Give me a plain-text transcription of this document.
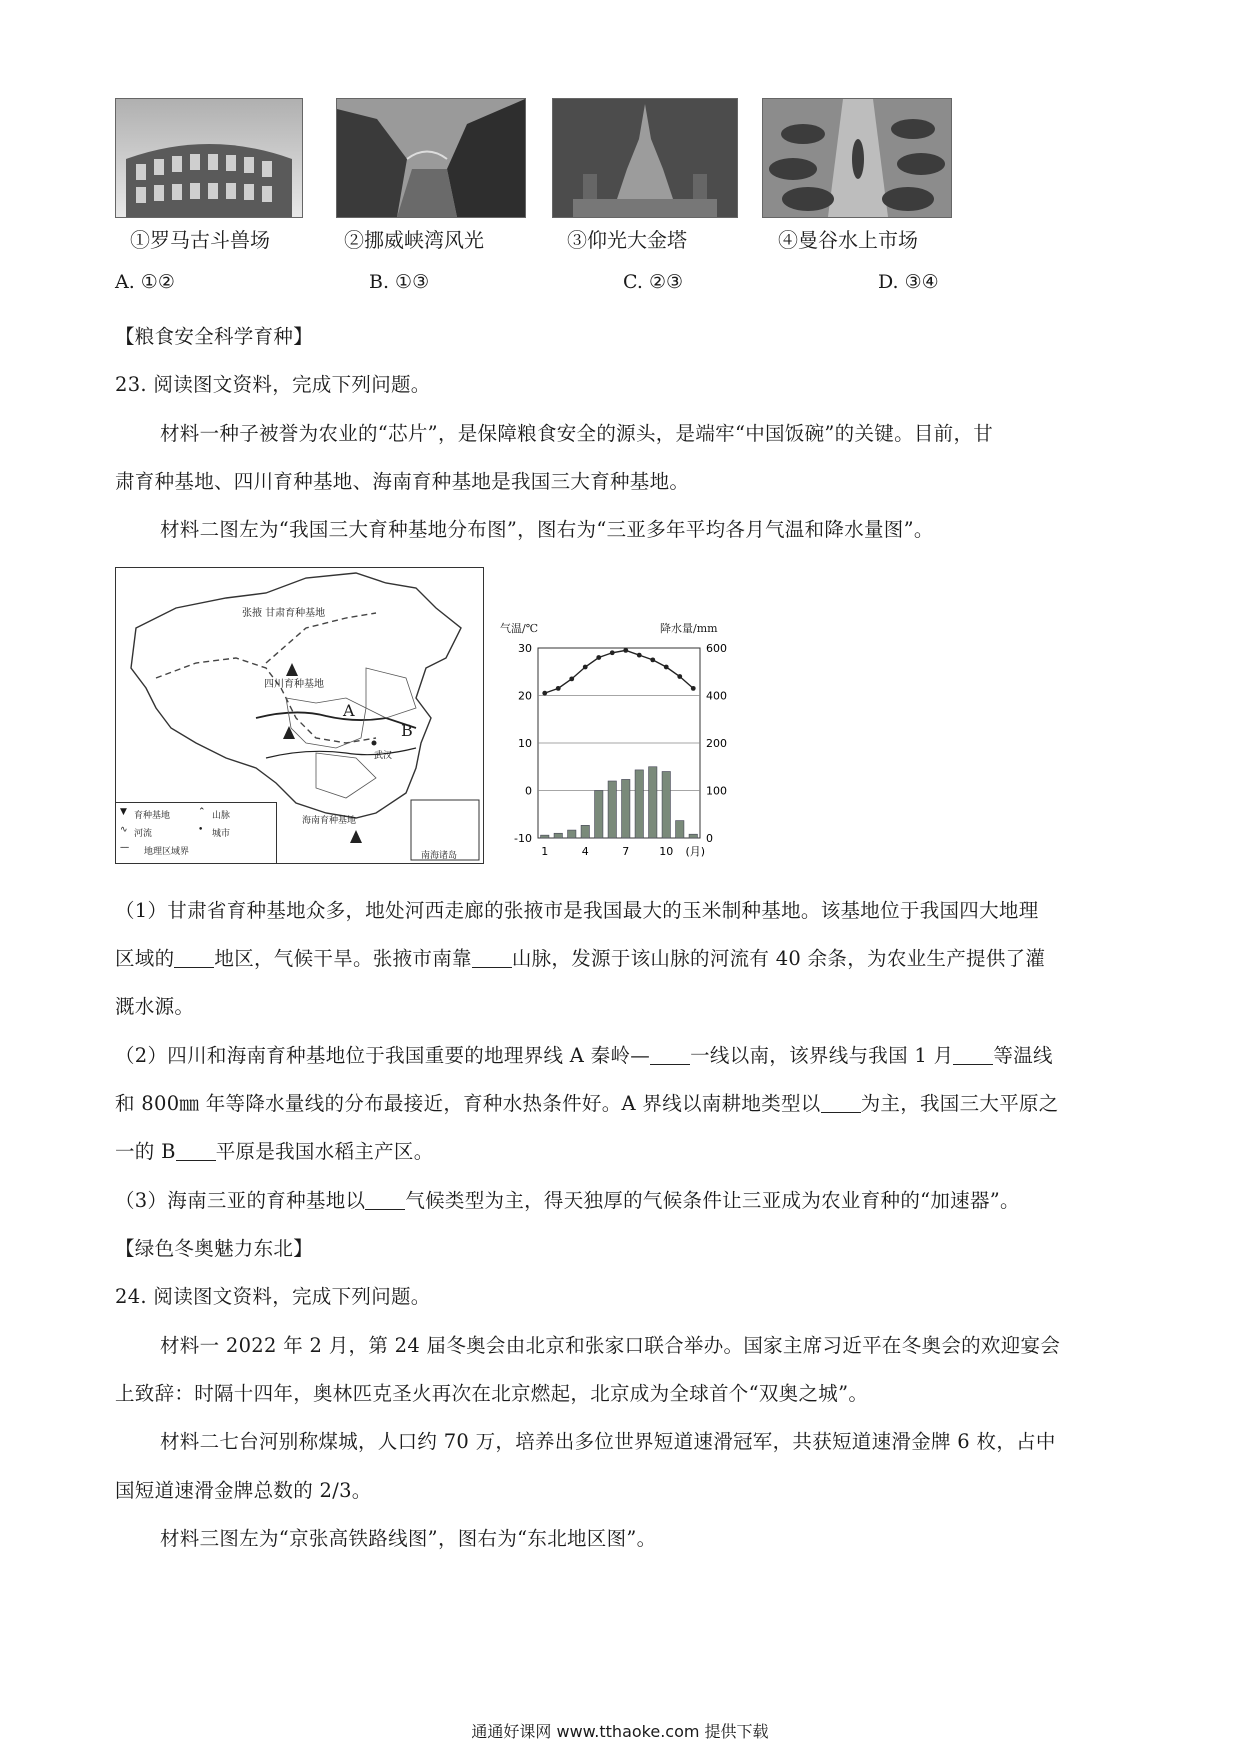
①罗马古斗兽场	②挪威峡湾风光	③仰光大金塔	④曼谷水上市场
A. ①②	B. ①③	C. ②③	D. ③④
【粮食安全科学育种】
23. 阅读图文资料，完成下列问题。
材料一种子被誉为农业的“芯片”，是保障粮食安全的源头，是端牢“中国饭碗”的关键。目前，甘
肃育种基地、四川育种基地、海南育种基地是我国三大育种基地。
材料二图左为“我国三大育种基地分布图”，图右为“三亚多年平均各月气温和降水量图”。
张掖 甘肃育种基地
四川育种基地
海南育种基地
南海诸岛
A
B
武汉
▼ 育种基地	⌃ 山脉
∿ 河流	• 城市
---- 地理区域界
气温/℃	降水量/mm
30
20
10
0
-10
600
400
200
100
0
1	4	7	10 (月)
（1）甘肃省育种基地众多，地处河西走廊的张掖市是我国最大的玉米制种基地。该基地位于我国四大地理
区域的 地区，气候干旱。张掖市南靠 山脉，发源于该山脉的河流有 40 余条，为农业生产提供了灌
溉水源。
（2）四川和海南育种基地位于我国重要的地理界线 A 秦岭— 一线以南，该界线与我国 1 月 等温线
和 800㎜ 年等降水量线的分布最接近，育种水热条件好。A 界线以南耕地类型以 为主，我国三大平原之
一的 B 平原是我国水稻主产区。
（3）海南三亚的育种基地以 气候类型为主，得天独厚的气候条件让三亚成为农业育种的“加速器”。
【绿色冬奥魅力东北】
24. 阅读图文资料，完成下列问题。
材料一 2022 年 2 月，第 24 届冬奥会由北京和张家口联合举办。国家主席习近平在冬奥会的欢迎宴会
上致辞：时隔十四年，奥林匹克圣火再次在北京燃起，北京成为全球首个“双奥之城”。
材料二七台河别称煤城，人口约 70 万，培养出多位世界短道速滑冠军，共获短道速滑金牌 6 枚，占中
国短道速滑金牌总数的 2/3。
材料三图左为“京张高铁路线图”，图右为“东北地区图”。
通通好课网 www.tthaoke.com 提供下载
